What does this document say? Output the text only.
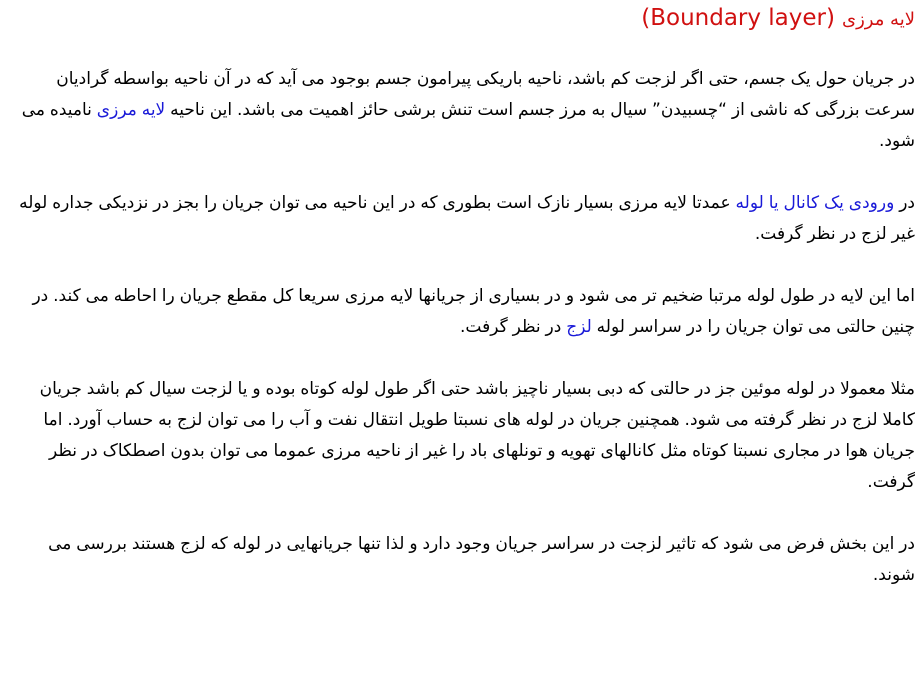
لایه مرزی (Boundary layer)

در جریان حول یک جسم، حتی اگر لزجت کم باشد، ناحیه باریکی پیرامون جسم بوجود می آید که در آن ناحیه بواسطه گرادیان سرعت بزرگی که ناشی از “چسبیدن” سیال به مرز جسم است تنش برشی حائز اهمیت می باشد. این ناحیه لایه مرزی نامیده می شود.

در ورودی یک کانال یا لوله عمدتا لایه مرزی بسیار نازک است بطوری که در این ناحیه می توان جریان را بجز در نزدیکی جداره لوله غیر لزج در نظر گرفت.

اما این لایه در طول لوله مرتبا ضخیم تر می شود و در بسیاری از جریانها لایه مرزی سریعا کل مقطع جریان را احاطه می کند. در چنین حالتی می توان جریان را در سراسر لوله لزج در نظر گرفت.

مثلا معمولا در لوله موئین جز در حالتی که دبی بسیار ناچیز باشد حتی اگر طول لوله کوتاه بوده و یا لزجت سیال کم باشد جریان کاملا لزج در نظر گرفته می شود. همچنین جریان در لوله های نسبتا طویل انتقال نفت و آب را می توان لزج به حساب آورد. اما جریان هوا در مجاری نسبتا کوتاه مثل کانالهای تهویه و تونلهای باد را غیر از ناحیه مرزی عموما می توان بدون اصطکاک در نظر گرفت.

در این بخش فرض می شود که تاثیر لزجت در سراسر جریان وجود دارد و لذا تنها جریانهایی در لوله که لزج هستند بررسی می شوند.
